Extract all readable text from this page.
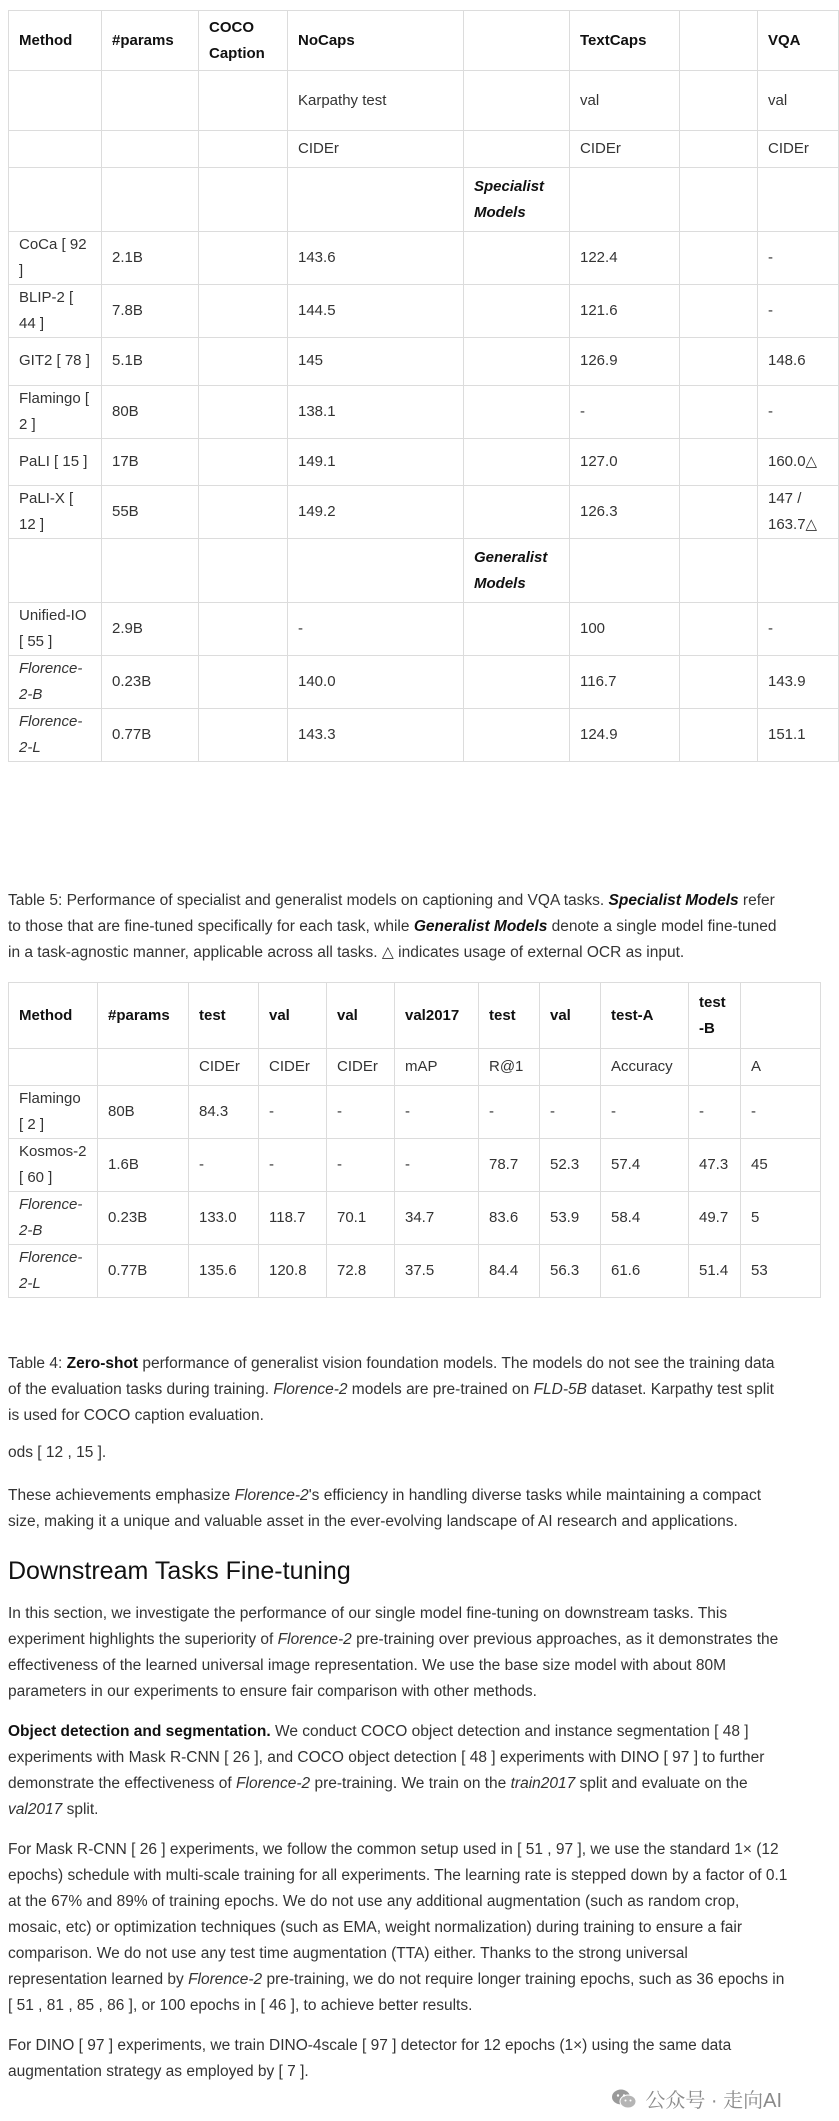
Method	#params	COCO Caption	NoCaps		TextCaps		VQA
			Karpathy test		val		val
			CIDEr		CIDEr		CIDEr
				Specialist Models			
CoCa [ 92 ]	2.1B		143.6		122.4		-
BLIP-2 [ 44 ]	7.8B		144.5		121.6		-
GIT2 [ 78 ]	5.1B		145		126.9		148.6
Flamingo [ 2 ]	80B		138.1		-		-
PaLI [ 15 ]	17B		149.1		127.0		160.0△
PaLI-X [ 12 ]	55B		149.2		126.3		147 / 163.7△
				Generalist Models			
Unified-IO [ 55 ]	2.9B		-		100		-
Florence-2-B	0.23B		140.0		116.7		143.9
Florence-2-L	0.77B		143.3		124.9		151.1

Table 5: Performance of specialist and generalist models on captioning and VQA tasks. Specialist Models refer to those that are fine-tuned specifically for each task, while Generalist Models denote a single model fine-tuned in a task-agnostic manner, applicable across all tasks. △ indicates usage of external OCR as input.

Method	#params	test	val	val	val2017	test	val	test-A	test-B	
		CIDEr	CIDEr	CIDEr	mAP	R@1		Accuracy		A
Flamingo [ 2 ]	80B	84.3	-	-	-	-	-	-	-	-
Kosmos-2 [ 60 ]	1.6B	-	-	-	-	78.7	52.3	57.4	47.3	45
Florence-2-B	0.23B	133.0	118.7	70.1	34.7	83.6	53.9	58.4	49.7	5
Florence-2-L	0.77B	135.6	120.8	72.8	37.5	84.4	56.3	61.6	51.4	53

Table 4: Zero-shot performance of generalist vision foundation models. The models do not see the training data of the evaluation tasks during training. Florence-2 models are pre-trained on FLD-5B dataset. Karpathy test split is used for COCO caption evaluation.

ods [ 12 , 15 ].

These achievements emphasize Florence-2's efficiency in handling diverse tasks while maintaining a compact size, making it a unique and valuable asset in the ever-evolving landscape of AI research and applications.

Downstream Tasks Fine-tuning

In this section, we investigate the performance of our single model fine-tuning on downstream tasks. This experiment highlights the superiority of Florence-2 pre-training over previous approaches, as it demonstrates the effectiveness of the learned universal image representation. We use the base size model with about 80M parameters in our experiments to ensure fair comparison with other methods.

Object detection and segmentation. We conduct COCO object detection and instance segmentation [ 48 ] experiments with Mask R-CNN [ 26 ], and COCO object detection [ 48 ] experiments with DINO [ 97 ] to further demonstrate the effectiveness of Florence-2 pre-training. We train on the train2017 split and evaluate on the val2017 split.

For Mask R-CNN [ 26 ] experiments, we follow the common setup used in [ 51 , 97 ], we use the standard 1× (12 epochs) schedule with multi-scale training for all experiments. The learning rate is stepped down by a factor of 0.1 at the 67% and 89% of training epochs. We do not use any additional augmentation (such as random crop, mosaic, etc) or optimization techniques (such as EMA, weight normalization) during training to ensure a fair comparison. We do not use any test time augmentation (TTA) either. Thanks to the strong universal representation learned by Florence-2 pre-training, we do not require longer training epochs, such as 36 epochs in [ 51 , 81 , 85 , 86 ], or 100 epochs in [ 46 ], to achieve better results.

For DINO [ 97 ] experiments, we train DINO-4scale [ 97 ] detector for 12 epochs (1×) using the same data augmentation strategy as employed by [ 7 ].

公众号 · 走向AI
